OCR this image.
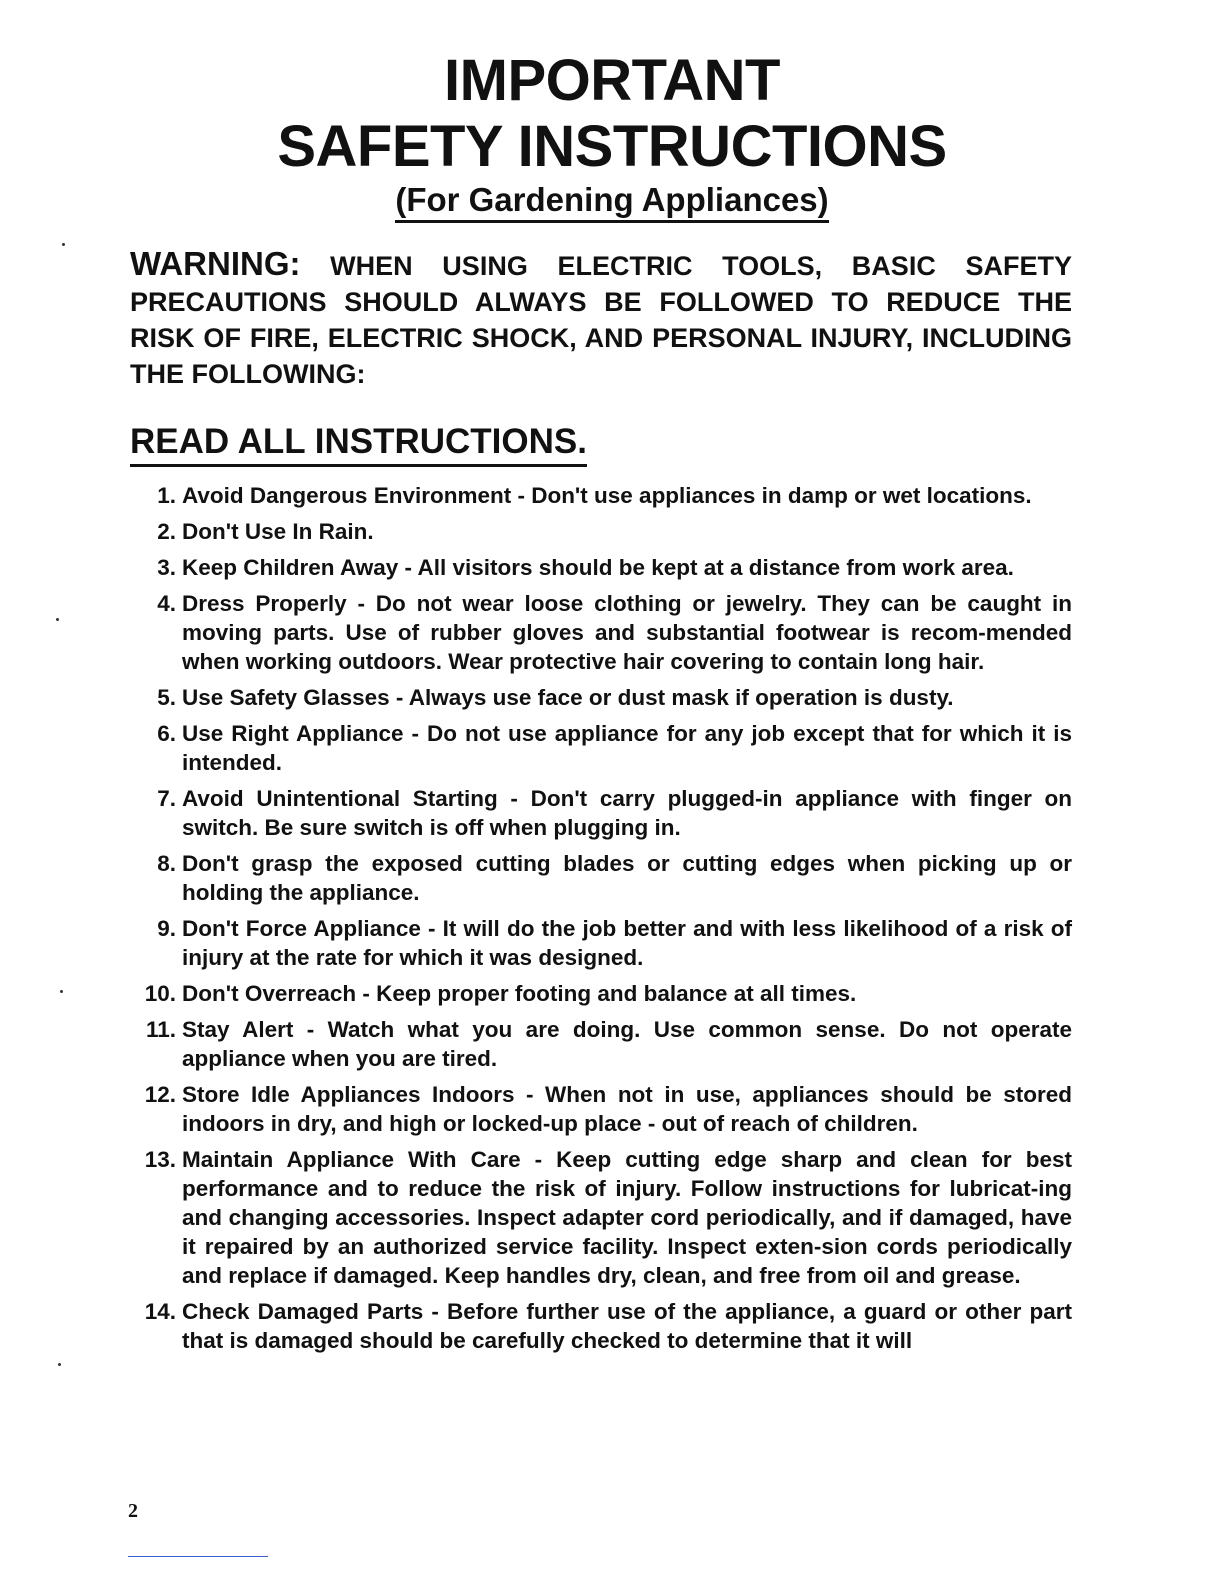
IMPORTANT
SAFETY INSTRUCTIONS
(For Gardening Appliances)

WARNING: WHEN USING ELECTRIC TOOLS, BASIC SAFETY PRECAUTIONS SHOULD ALWAYS BE FOLLOWED TO REDUCE THE RISK OF FIRE, ELECTRIC SHOCK, AND PERSONAL INJURY, INCLUDING THE FOLLOWING:

READ ALL INSTRUCTIONS.
1. Avoid Dangerous Environment - Don't use appliances in damp or wet locations.
2. Don't Use In Rain.
3. Keep Children Away - All visitors should be kept at a distance from work area.
4. Dress Properly - Do not wear loose clothing or jewelry. They can be caught in moving parts. Use of rubber gloves and substantial footwear is recom-mended when working outdoors. Wear protective hair covering to contain long hair.
5. Use Safety Glasses - Always use face or dust mask if operation is dusty.
6. Use Right Appliance - Do not use appliance for any job except that for which it is intended.
7. Avoid Unintentional Starting - Don't carry plugged-in appliance with finger on switch. Be sure switch is off when plugging in.
8. Don't grasp the exposed cutting blades or cutting edges when picking up or holding the appliance.
9. Don't Force Appliance - It will do the job better and with less likelihood of a risk of injury at the rate for which it was designed.
10. Don't Overreach - Keep proper footing and balance at all times.
11. Stay Alert - Watch what you are doing. Use common sense. Do not operate appliance when you are tired.
12. Store Idle Appliances Indoors - When not in use, appliances should be stored indoors in dry, and high or locked-up place - out of reach of children.
13. Maintain Appliance With Care - Keep cutting edge sharp and clean for best performance and to reduce the risk of injury. Follow instructions for lubricat-ing and changing accessories. Inspect adapter cord periodically, and if damaged, have it repaired by an authorized service facility. Inspect exten-sion cords periodically and replace if damaged. Keep handles dry, clean, and free from oil and grease.
14. Check Damaged Parts - Before further use of the appliance, a guard or other part that is damaged should be carefully checked to determine that it will
2
